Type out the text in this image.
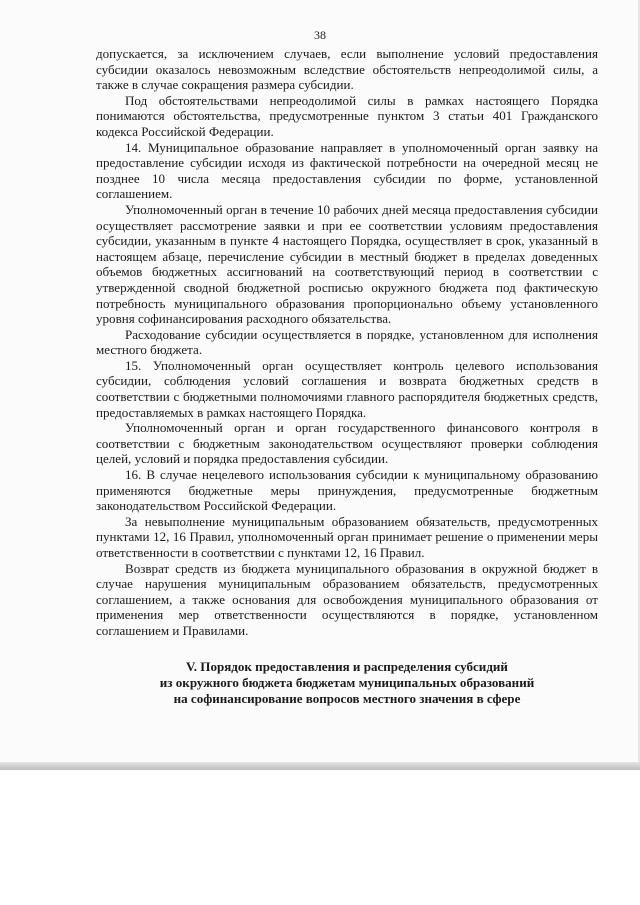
38

допускается, за исключением случаев, если выполнение условий предоставления субсидии оказалось невозможным вследствие обстоятельств непреодолимой силы, а также в случае сокращения размера субсидии.

Под обстоятельствами непреодолимой силы в рамках настоящего Порядка понимаются обстоятельства, предусмотренные пунктом 3 статьи 401 Гражданского кодекса Российской Федерации.

14. Муниципальное образование направляет в уполномоченный орган заявку на предоставление субсидии исходя из фактической потребности на очередной месяц не позднее 10 числа месяца предоставления субсидии по форме, установленной соглашением.

Уполномоченный орган в течение 10 рабочих дней месяца предоставления субсидии осуществляет рассмотрение заявки и при ее соответствии условиям предоставления субсидии, указанным в пункте 4 настоящего Порядка, осуществляет в срок, указанный в настоящем абзаце, перечисление субсидии в местный бюджет в пределах доведенных объемов бюджетных ассигнований на соответствующий период в соответствии с утвержденной сводной бюджетной росписью окружного бюджета под фактическую потребность муниципального образования пропорционально объему установленного уровня софинансирования расходного обязательства.

Расходование субсидии осуществляется в порядке, установленном для исполнения местного бюджета.

15. Уполномоченный орган осуществляет контроль целевого использования субсидии, соблюдения условий соглашения и возврата бюджетных средств в соответствии с бюджетными полномочиями главного распорядителя бюджетных средств, предоставляемых в рамках настоящего Порядка.

Уполномоченный орган и орган государственного финансового контроля в соответствии с бюджетным законодательством осуществляют проверки соблюдения целей, условий и порядка предоставления субсидии.

16. В случае нецелевого использования субсидии к муниципальному образованию применяются бюджетные меры принуждения, предусмотренные бюджетным законодательством Российской Федерации.

За невыполнение муниципальным образованием обязательств, предусмотренных пунктами 12, 16 Правил, уполномоченный орган принимает решение о применении меры ответственности в соответствии с пунктами 12, 16 Правил.

Возврат средств из бюджета муниципального образования в окружной бюджет в случае нарушения муниципальным образованием обязательств, предусмотренных соглашением, а также основания для освобождения муниципального образования от применения мер ответственности осуществляются в порядке, установленном соглашением и Правилами.

V. Порядок предоставления и распределения субсидий
из окружного бюджета бюджетам муниципальных образований
на софинансирование вопросов местного значения в сфере
